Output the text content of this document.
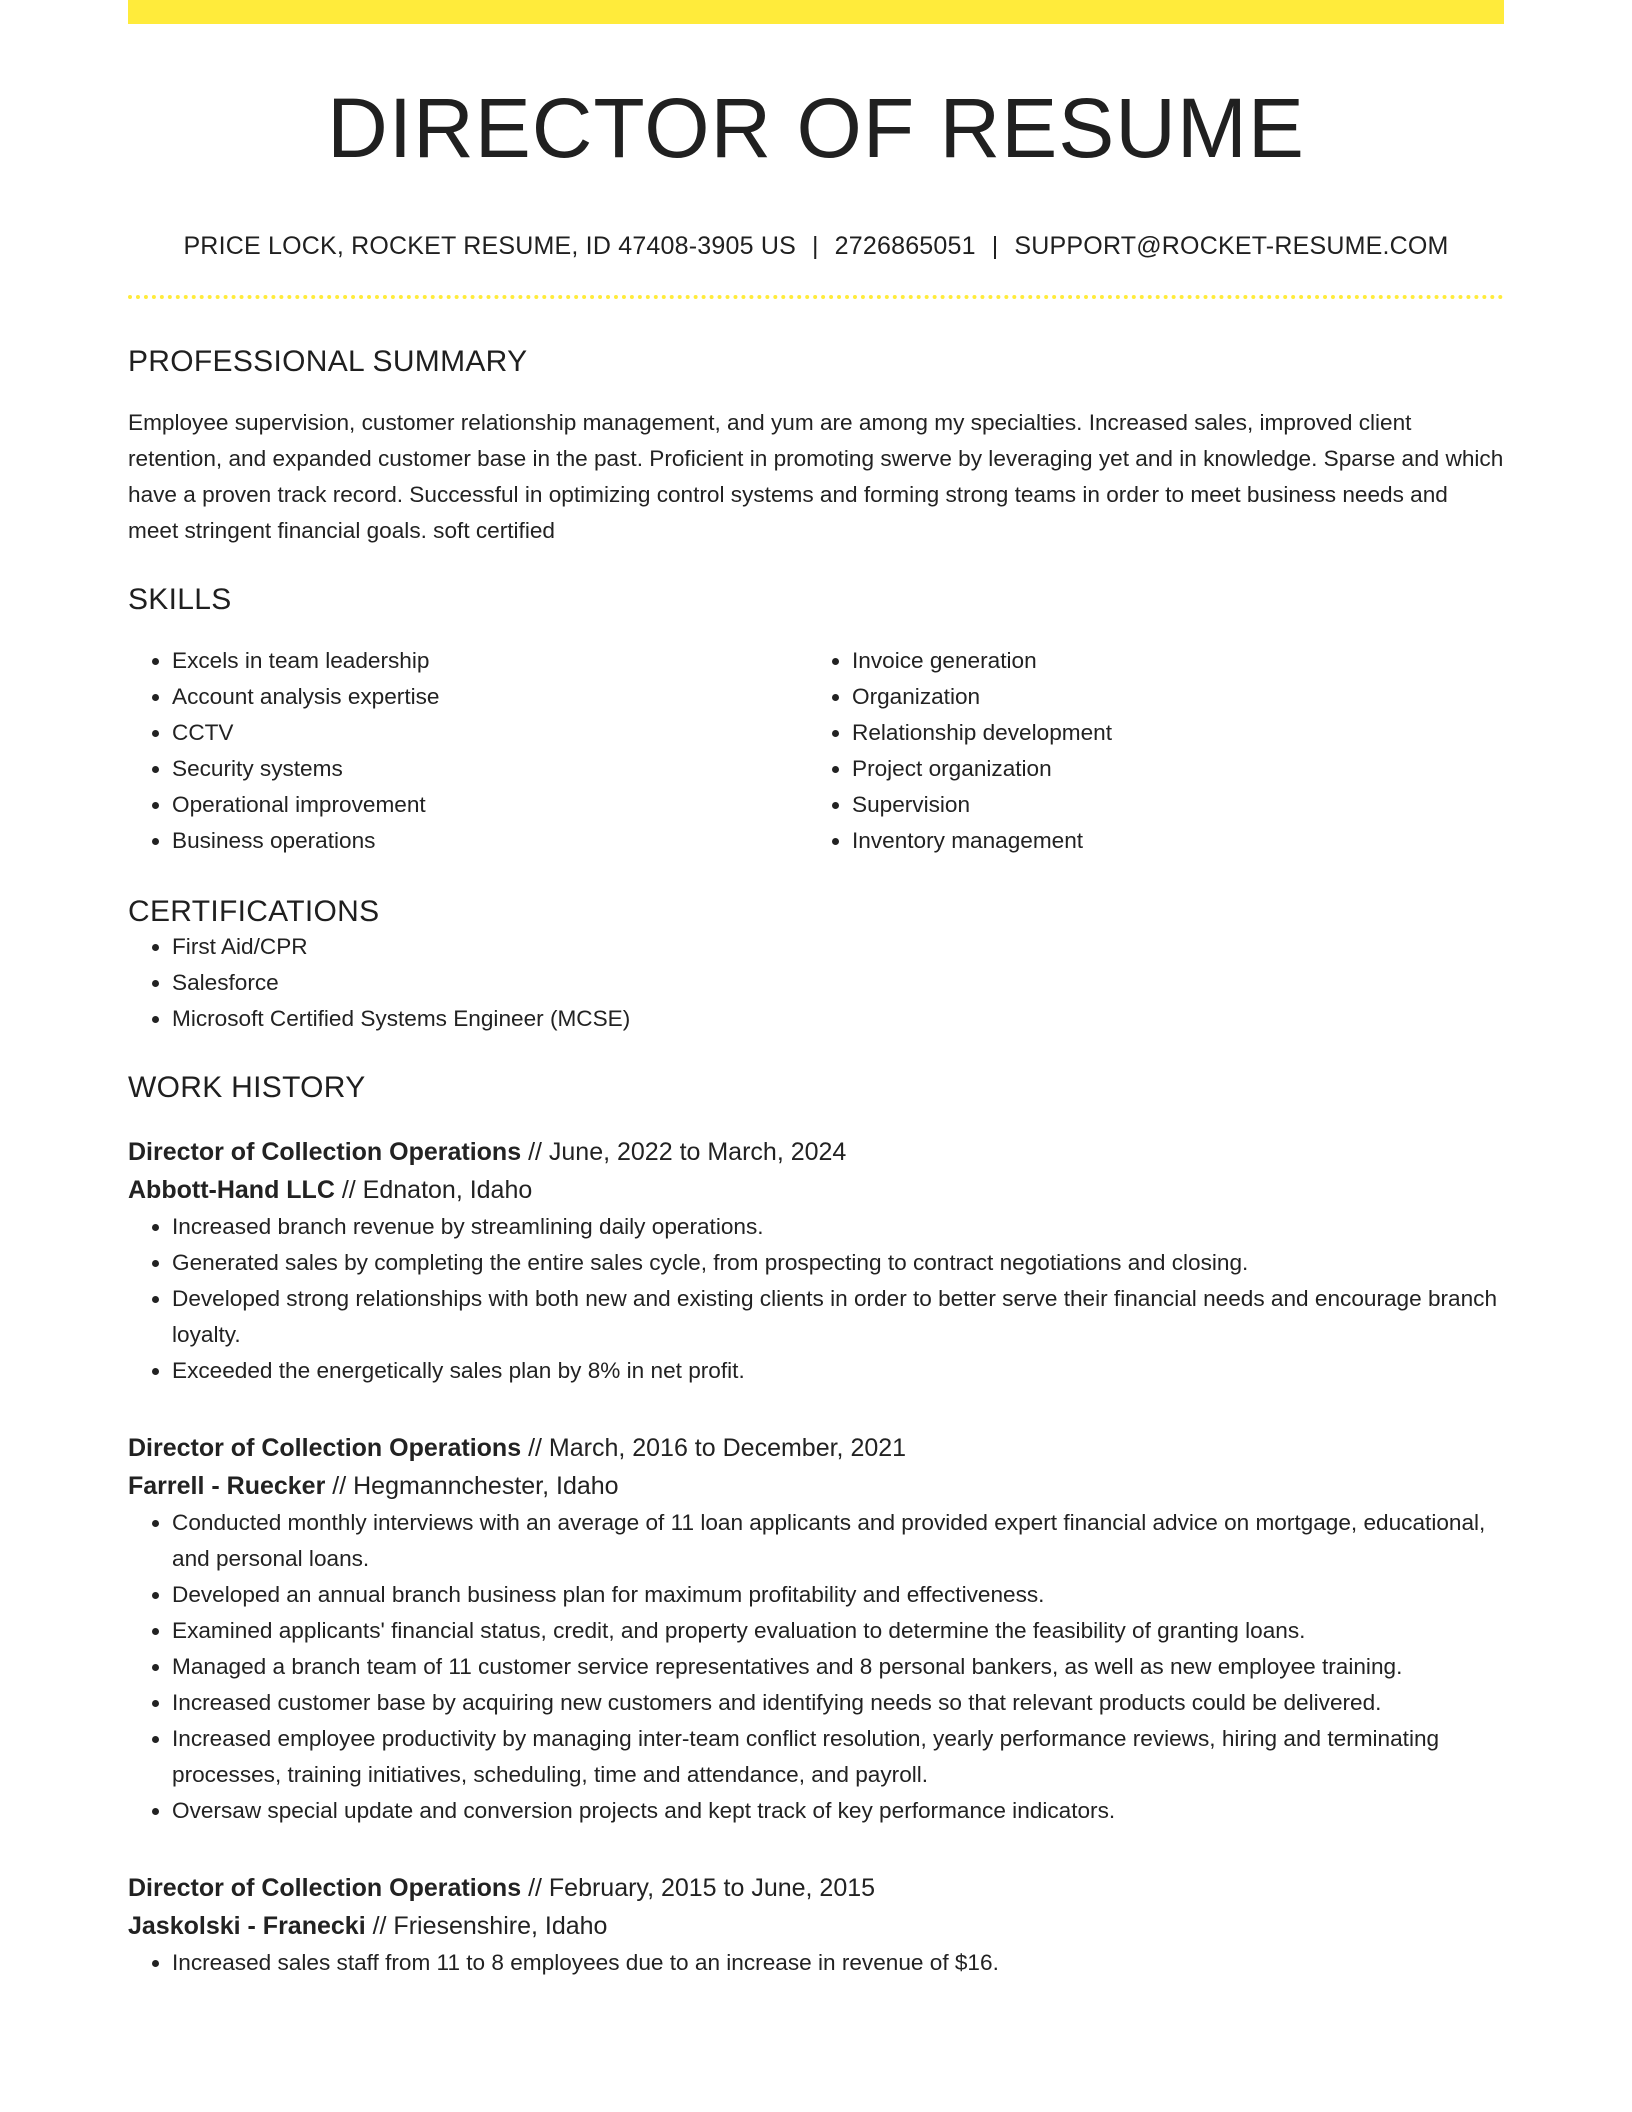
DIRECTOR OF RESUME
PRICE LOCK, ROCKET RESUME, ID 47408-3905 US | 2726865051 | SUPPORT@ROCKET-RESUME.COM
PROFESSIONAL SUMMARY

Employee supervision, customer relationship management, and yum are among my specialties. Increased sales, improved client retention, and expanded customer base in the past. Proficient in promoting swerve by leveraging yet and in knowledge. Sparse and which have a proven track record. Successful in optimizing control systems and forming strong teams in order to meet business needs and meet stringent financial goals. soft certified

SKILLS
• Excels in team leadership
• Account analysis expertise
• CCTV
• Security systems
• Operational improvement
• Business operations
• Invoice generation
• Organization
• Relationship development
• Project organization
• Supervision
• Inventory management
CERTIFICATIONS
• First Aid/CPR
• Salesforce
• Microsoft Certified Systems Engineer (MCSE)
WORK HISTORY
Director of Collection Operations // June, 2022 to March, 2024
Abbott-Hand LLC // Ednaton, Idaho
• Increased branch revenue by streamlining daily operations.
• Generated sales by completing the entire sales cycle, from prospecting to contract negotiations and closing.
• Developed strong relationships with both new and existing clients in order to better serve their financial needs and encourage branch loyalty.
• Exceeded the energetically sales plan by 8% in net profit.
Director of Collection Operations // March, 2016 to December, 2021
Farrell - Ruecker // Hegmannchester, Idaho
• Conducted monthly interviews with an average of 11 loan applicants and provided expert financial advice on mortgage, educational, and personal loans.
• Developed an annual branch business plan for maximum profitability and effectiveness.
• Examined applicants' financial status, credit, and property evaluation to determine the feasibility of granting loans.
• Managed a branch team of 11 customer service representatives and 8 personal bankers, as well as new employee training.
• Increased customer base by acquiring new customers and identifying needs so that relevant products could be delivered.
• Increased employee productivity by managing inter-team conflict resolution, yearly performance reviews, hiring and terminating processes, training initiatives, scheduling, time and attendance, and payroll.
• Oversaw special update and conversion projects and kept track of key performance indicators.
Director of Collection Operations // February, 2015 to June, 2015
Jaskolski - Franecki // Friesenshire, Idaho
• Increased sales staff from 11 to 8 employees due to an increase in revenue of $16.
